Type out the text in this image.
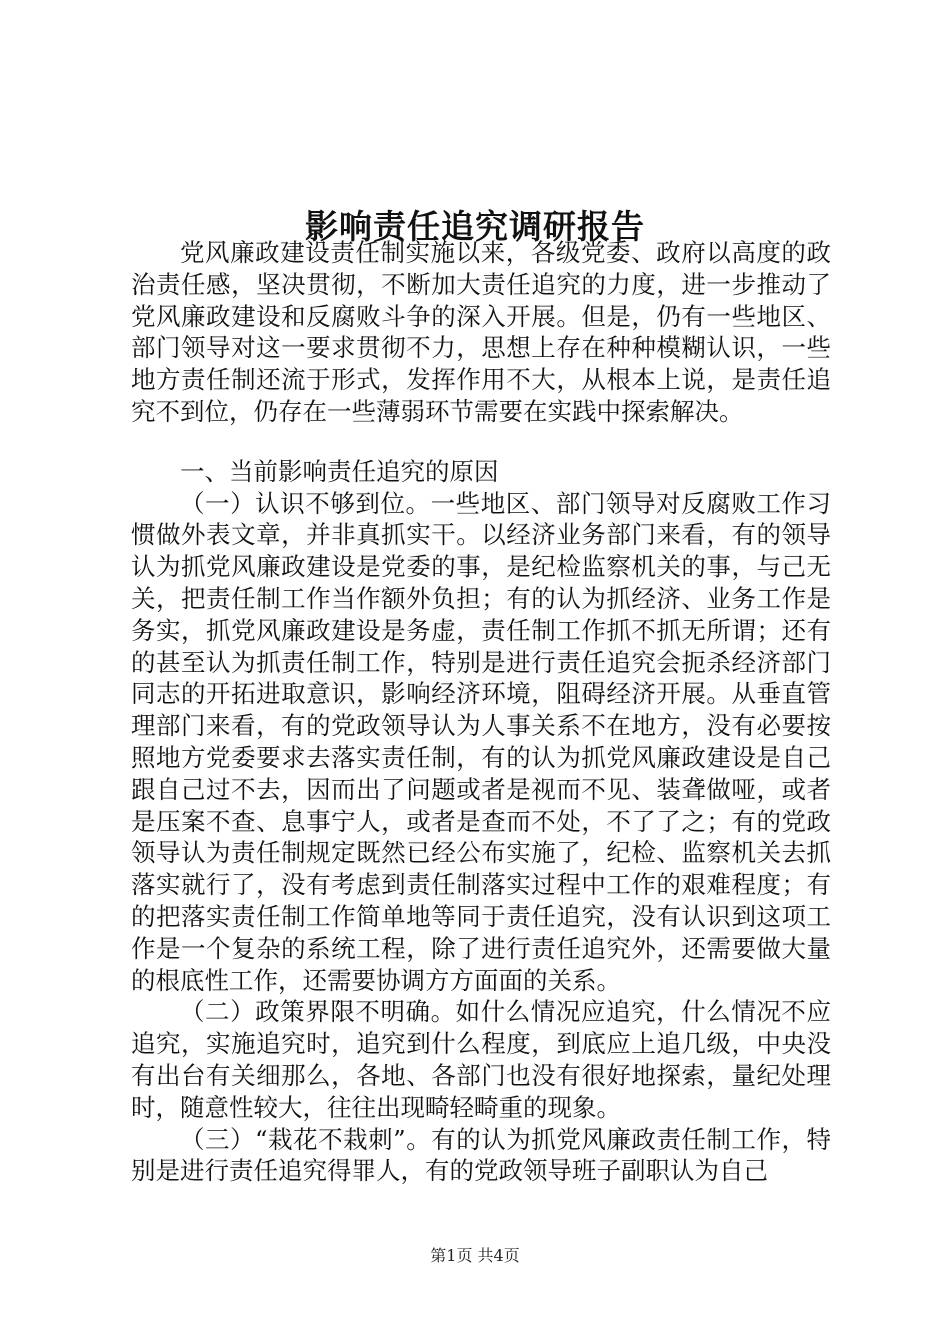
影响责任追究调研报告

党风廉政建设责任制实施以来，各级党委、政府以高度的政治责任感，坚决贯彻，不断加大责任追究的力度，进一步推动了党风廉政建设和反腐败斗争的深入开展。但是，仍有一些地区、部门领导对这一要求贯彻不力，思想上存在种种模糊认识，一些地方责任制还流于形式，发挥作用不大，从根本上说，是责任追究不到位，仍存在一些薄弱环节需要在实践中探索解决。

一、当前影响责任追究的原因

（一）认识不够到位。一些地区、部门领导对反腐败工作习惯做外表文章，并非真抓实干。以经济业务部门来看，有的领导认为抓党风廉政建设是党委的事，是纪检监察机关的事，与己无关，把责任制工作当作额外负担；有的认为抓经济、业务工作是务实，抓党风廉政建设是务虚，责任制工作抓不抓无所谓；还有的甚至认为抓责任制工作，特别是进行责任追究会扼杀经济部门同志的开拓进取意识，影响经济环境，阻碍经济开展。从垂直管理部门来看，有的党政领导认为人事关系不在地方，没有必要按照地方党委要求去落实责任制，有的认为抓党风廉政建设是自己跟自己过不去，因而出了问题或者是视而不见、装聋做哑，或者是压案不查、息事宁人，或者是查而不处，不了了之；有的党政领导认为责任制规定既然已经公布实施了，纪检、监察机关去抓落实就行了，没有考虑到责任制落实过程中工作的艰难程度；有的把落实责任制工作简单地等同于责任追究，没有认识到这项工作是一个复杂的系统工程，除了进行责任追究外，还需要做大量的根底性工作，还需要协调方方面面的关系。

（二）政策界限不明确。如什么情况应追究，什么情况不应追究，实施追究时，追究到什么程度，到底应上追几级，中央没有出台有关细那么，各地、各部门也没有很好地探索，量纪处理时，随意性较大，往往出现畸轻畸重的现象。

（三）“栽花不栽刺”。有的认为抓党风廉政责任制工作，特别是进行责任追究得罪人，有的党政领导班子副职认为自己

第1页 共4页
